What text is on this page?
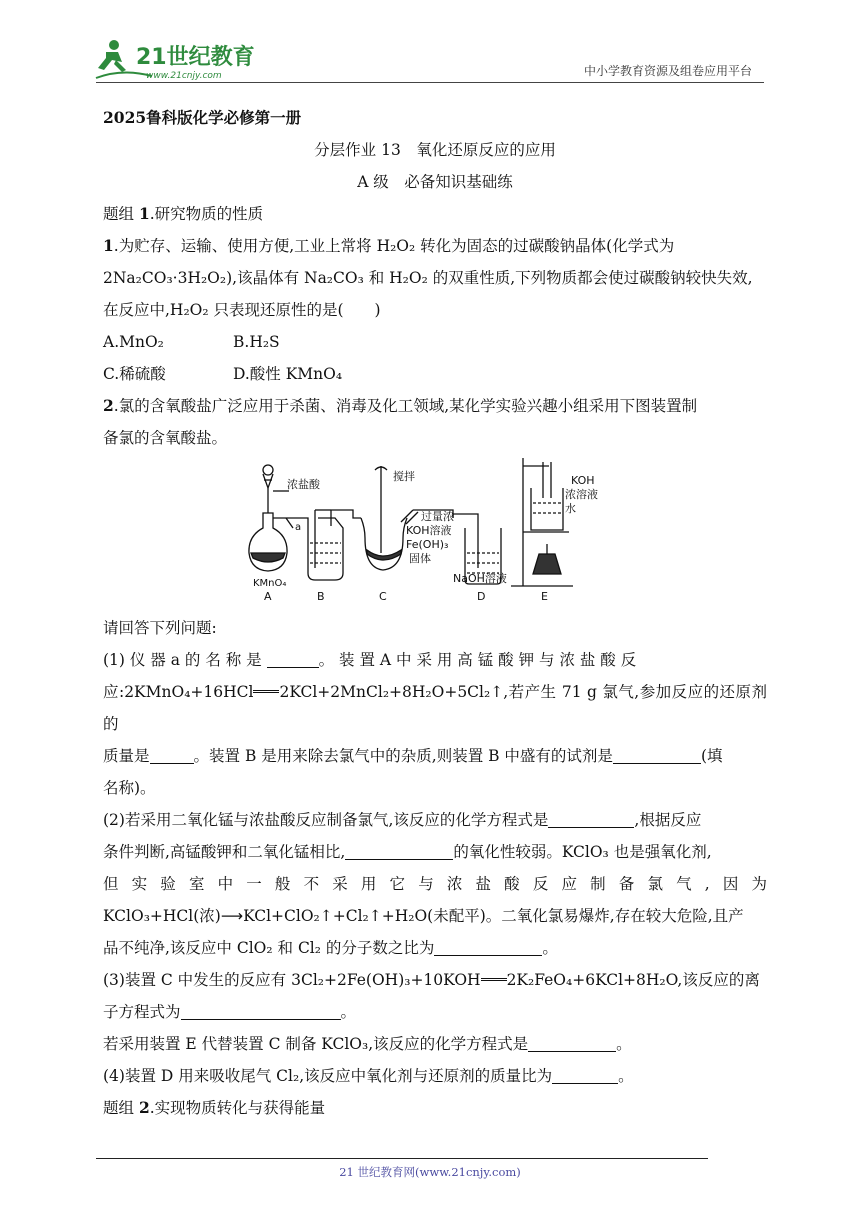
21世纪教育
www.21cnjy.com	中小学教育资源及组卷应用平台

2025鲁科版化学必修第一册

分层作业 13　氧化还原反应的应用

A 级　必备知识基础练

题组 1.研究物质的性质

1.为贮存、运输、使用方便,工业上常将 H₂O₂ 转化为固态的过碳酸钠晶体(化学式为

2Na₂CO₃·3H₂O₂),该晶体有 Na₂CO₃ 和 H₂O₂ 的双重性质,下列物质都会使过碳酸钠较快失效,

在反应中,H₂O₂ 只表现还原性的是(　　)

A.MnO₂	B.H₂S
C.稀硫酸	D.酸性 KMnO₄

2.氯的含氧酸盐广泛应用于杀菌、消毒及化工领域,某化学实验兴趣小组采用下图装置制

备氯的含氧酸盐。

浓盐酸
a
KMnO₄
搅拌
过量浓
KOH溶液
Fe(OH)₃
固体
NaOH溶液
KOH
浓溶液
水
A	B	C	D	E

请回答下列问题:

(1) 仪 器 a 的 名 称 是	。 装 置 A 中 采 用 高 锰 酸 钾 与 浓 盐 酸 反

应:2KMnO₄+16HCl 2KCl+2MnCl₂+8H₂O+5Cl₂↑,若产生 71 g 氯气,参加反应的还原剂的

质量是	。装置 B 是用来除去氯气中的杂质,则装置 B 中盛有的试剂是	(填

名称)。

(2)若采用二氧化锰与浓盐酸反应制备氯气,该反应的化学方程式是	,根据反应

条件判断,高锰酸钾和二氧化锰相比,	的氧化性较弱。KClO₃ 也是强氧化剂,

但实验室中一般不采用它与浓盐酸反应制备氯气,因为

KClO₃+HCl(浓)⟶KCl+ClO₂↑+Cl₂↑+H₂O(未配平)。二氧化氯易爆炸,存在较大危险,且产

品不纯净,该反应中 ClO₂ 和 Cl₂ 的分子数之比为	。

(3)装置 C 中发生的反应有 3Cl₂+2Fe(OH)₃+10KOH 2K₂FeO₄+6KCl+8H₂O,该反应的离

子方程式为	。

若采用装置 E 代替装置 C 制备 KClO₃,该反应的化学方程式是	。

(4)装置 D 用来吸收尾气 Cl₂,该反应中氧化剂与还原剂的质量比为	。

题组 2.实现物质转化与获得能量

21 世纪教育网(www.21cnjy.com)
